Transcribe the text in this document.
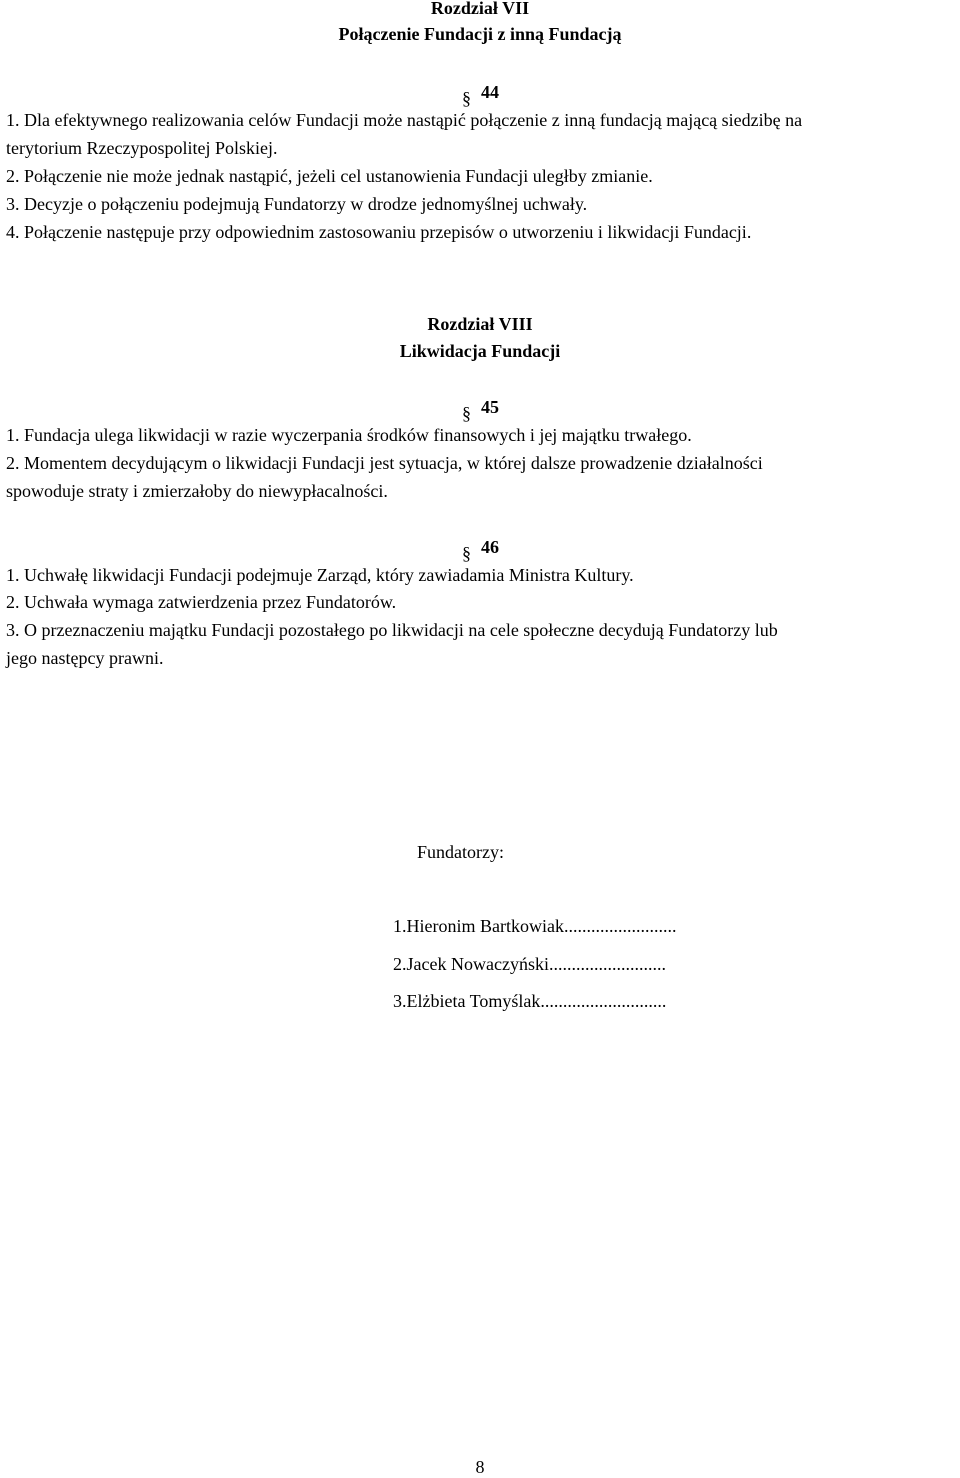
Rozdział VII
Połączenie Fundacji z inną Fundacją
§ 44
1. Dla efektywnego realizowania celów Fundacji może nastąpić połączenie z inną fundacją mającą siedzibę na
terytorium Rzeczypospolitej Polskiej.
2. Połączenie nie może jednak nastąpić, jeżeli cel ustanowienia Fundacji uległby zmianie.
3. Decyzje o połączeniu podejmują Fundatorzy w drodze jednomyślnej uchwały.
4. Połączenie następuje przy odpowiednim zastosowaniu przepisów o utworzeniu i likwidacji Fundacji.
Rozdział VIII
Likwidacja Fundacji
§ 45
1. Fundacja ulega likwidacji w razie wyczerpania środków finansowych i jej majątku trwałego.
2. Momentem decydującym o likwidacji Fundacji jest sytuacja, w której dalsze prowadzenie działalności
spowoduje straty i zmierzałoby do niewypłacalności.
§ 46
1. Uchwałę likwidacji Fundacji podejmuje Zarząd, który zawiadamia Ministra Kultury.
2. Uchwała wymaga zatwierdzenia przez Fundatorów.
3. O przeznaczeniu majątku Fundacji pozostałego po likwidacji na cele społeczne decydują Fundatorzy lub
jego następcy prawni.
Fundatorzy:
1.Hieronim Bartkowiak.........................
2.Jacek Nowaczyński..........................
3.Elżbieta Tomyślak............................
8
